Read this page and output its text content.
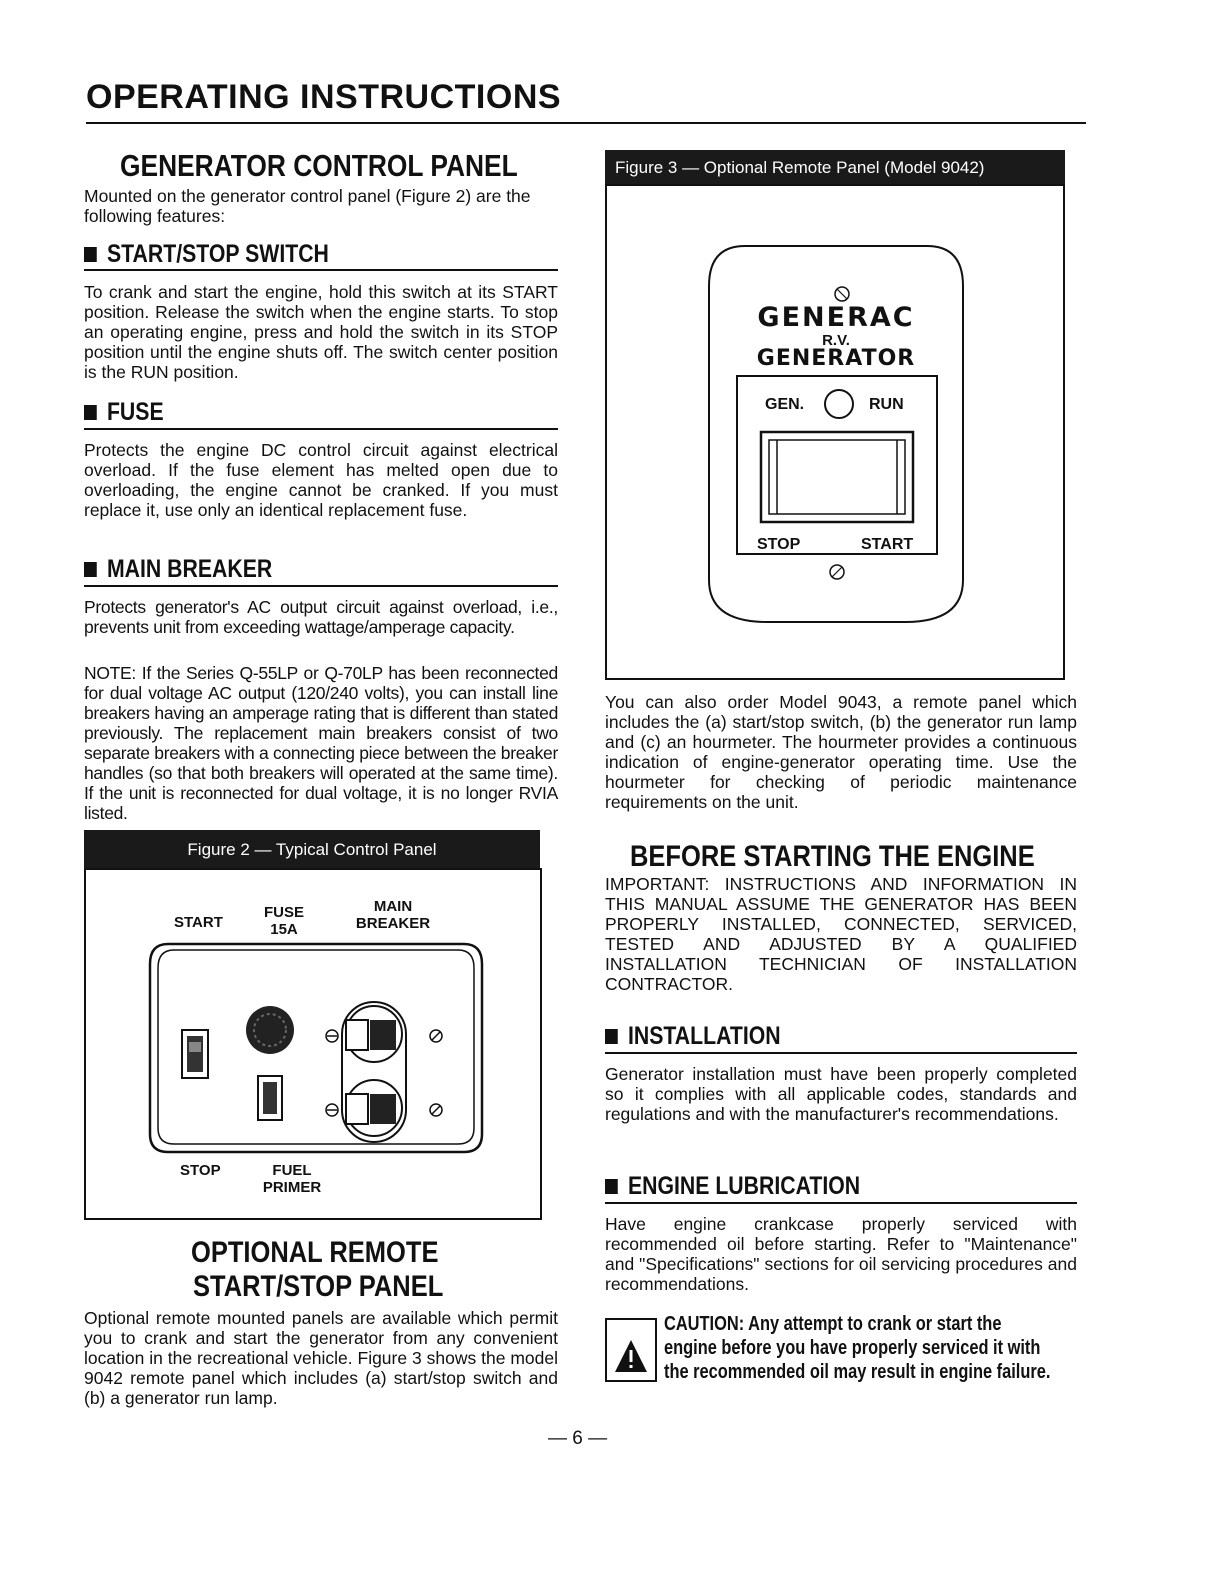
OPERATING INSTRUCTIONS
GENERATOR CONTROL PANEL
Mounted on the generator control panel (Figure 2) are the following features:
START/STOP SWITCH
To crank and start the engine, hold this switch at its START position. Release the switch when the engine starts. To stop an operating engine, press and hold the switch in its STOP position until the engine shuts off. The switch center position is the RUN position.
FUSE
Protects the engine DC control circuit against electrical overload. If the fuse element has melted open due to overloading, the engine cannot be cranked. If you must replace it, use only an identical replacement fuse.
MAIN BREAKER
Protects generator's AC output circuit against overload, i.e., prevents unit from exceeding wattage/amperage capacity.
NOTE: If the Series Q-55LP or Q-70LP has been reconnected for dual voltage AC output (120/240 volts), you can install line breakers having an amperage rating that is different than stated previously. The replacement main breakers consist of two separate breakers with a connecting piece between the breaker handles (so that both breakers will operated at the same time). If the unit is reconnected for dual voltage, it is no longer RVIA listed.
Figure 2 — Typical Control Panel
START
FUSE
15A
MAIN
BREAKER
STOP	FUEL
PRIMER
OPTIONAL REMOTE
START/STOP PANEL
Optional remote mounted panels are available which permit you to crank and start the generator from any convenient location in the recreational vehicle. Figure 3 shows the model 9042 remote panel which includes (a) start/stop switch and (b) a generator run lamp.
Figure 3 — Optional Remote Panel (Model 9042)
GENERAC
R.V.
GENERATOR
GEN.	RUN
STOP	START
You can also order Model 9043, a remote panel which includes the (a) start/stop switch, (b) the generator run lamp and (c) an hourmeter. The hourmeter provides a continuous indication of engine-generator operating time. Use the hourmeter for checking of periodic maintenance requirements on the unit.
BEFORE STARTING THE ENGINE
IMPORTANT: INSTRUCTIONS AND INFORMATION IN THIS MANUAL ASSUME THE GENERATOR HAS BEEN PROPERLY INSTALLED, CONNECTED, SERVICED, TESTED AND ADJUSTED BY A QUALIFIED INSTALLATION TECHNICIAN OF INSTALLATION CONTRACTOR.
INSTALLATION
Generator installation must have been properly completed so it complies with all applicable codes, standards and regulations and with the manufacturer's recommendations.
ENGINE LUBRICATION
Have engine crankcase properly serviced with recommended oil before starting. Refer to "Maintenance" and "Specifications" sections for oil servicing procedures and recommendations.
CAUTION: Any attempt to crank or start the
engine before you have properly serviced it with
the recommended oil may result in engine failure.
— 6 —
